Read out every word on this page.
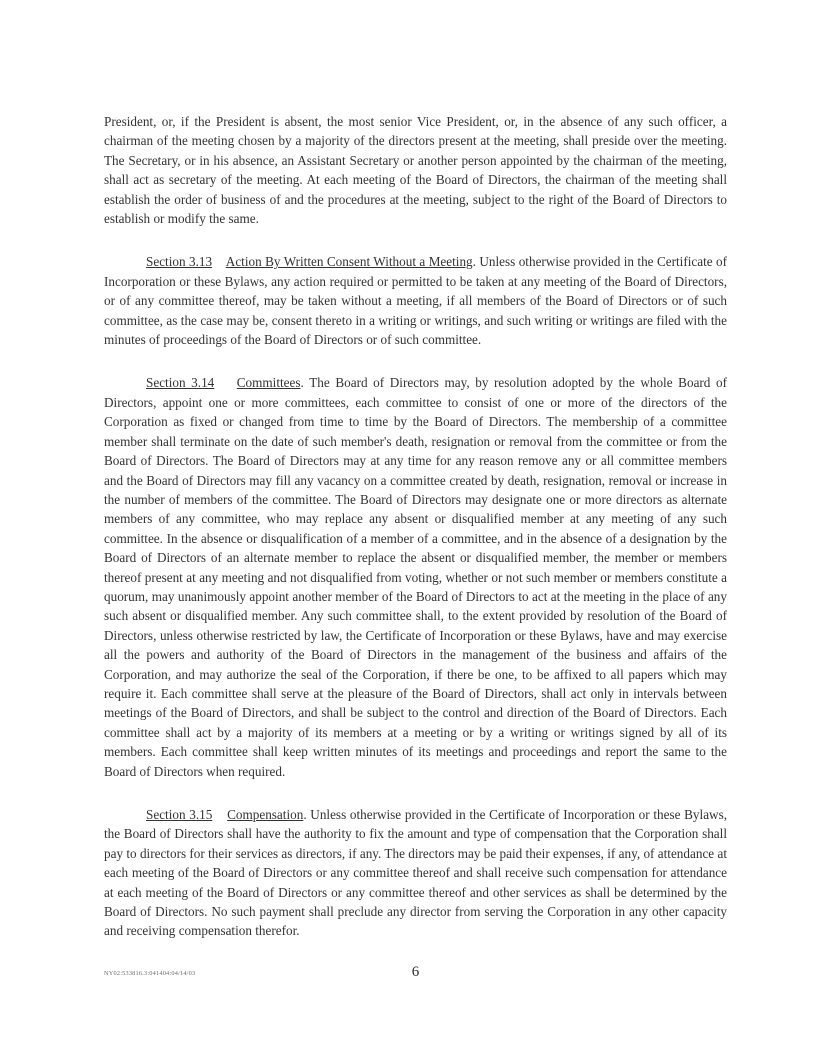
President, or, if the President is absent, the most senior Vice President, or, in the absence of any such officer, a chairman of the meeting chosen by a majority of the directors present at the meeting, shall preside over the meeting. The Secretary, or in his absence, an Assistant Secretary or another person appointed by the chairman of the meeting, shall act as secretary of the meeting. At each meeting of the Board of Directors, the chairman of the meeting shall establish the order of business of and the procedures at the meeting, subject to the right of the Board of Directors to establish or modify the same.

Section 3.13 Action By Written Consent Without a Meeting. Unless otherwise provided in the Certificate of Incorporation or these Bylaws, any action required or permitted to be taken at any meeting of the Board of Directors, or of any committee thereof, may be taken without a meeting, if all members of the Board of Directors or of such committee, as the case may be, consent thereto in a writing or writings, and such writing or writings are filed with the minutes of proceedings of the Board of Directors or of such committee.

Section 3.14 Committees. The Board of Directors may, by resolution adopted by the whole Board of Directors, appoint one or more committees, each committee to consist of one or more of the directors of the Corporation as fixed or changed from time to time by the Board of Directors. The membership of a committee member shall terminate on the date of such member's death, resignation or removal from the committee or from the Board of Directors. The Board of Directors may at any time for any reason remove any or all committee members and the Board of Directors may fill any vacancy on a committee created by death, resignation, removal or increase in the number of members of the committee. The Board of Directors may designate one or more directors as alternate members of any committee, who may replace any absent or disqualified member at any meeting of any such committee. In the absence or disqualification of a member of a committee, and in the absence of a designation by the Board of Directors of an alternate member to replace the absent or disqualified member, the member or members thereof present at any meeting and not disqualified from voting, whether or not such member or members constitute a quorum, may unanimously appoint another member of the Board of Directors to act at the meeting in the place of any such absent or disqualified member. Any such committee shall, to the extent provided by resolution of the Board of Directors, unless otherwise restricted by law, the Certificate of Incorporation or these Bylaws, have and may exercise all the powers and authority of the Board of Directors in the management of the business and affairs of the Corporation, and may authorize the seal of the Corporation, if there be one, to be affixed to all papers which may require it. Each committee shall serve at the pleasure of the Board of Directors, shall act only in intervals between meetings of the Board of Directors, and shall be subject to the control and direction of the Board of Directors. Each committee shall act by a majority of its members at a meeting or by a writing or writings signed by all of its members. Each committee shall keep written minutes of its meetings and proceedings and report the same to the Board of Directors when required.

Section 3.15 Compensation. Unless otherwise provided in the Certificate of Incorporation or these Bylaws, the Board of Directors shall have the authority to fix the amount and type of compensation that the Corporation shall pay to directors for their services as directors, if any. The directors may be paid their expenses, if any, of attendance at each meeting of the Board of Directors or any committee thereof and shall receive such compensation for attendance at each meeting of the Board of Directors or any committee thereof and other services as shall be determined by the Board of Directors. No such payment shall preclude any director from serving the Corporation in any other capacity and receiving compensation therefor.

NY02:533816.3:041404:04/14/03	6
